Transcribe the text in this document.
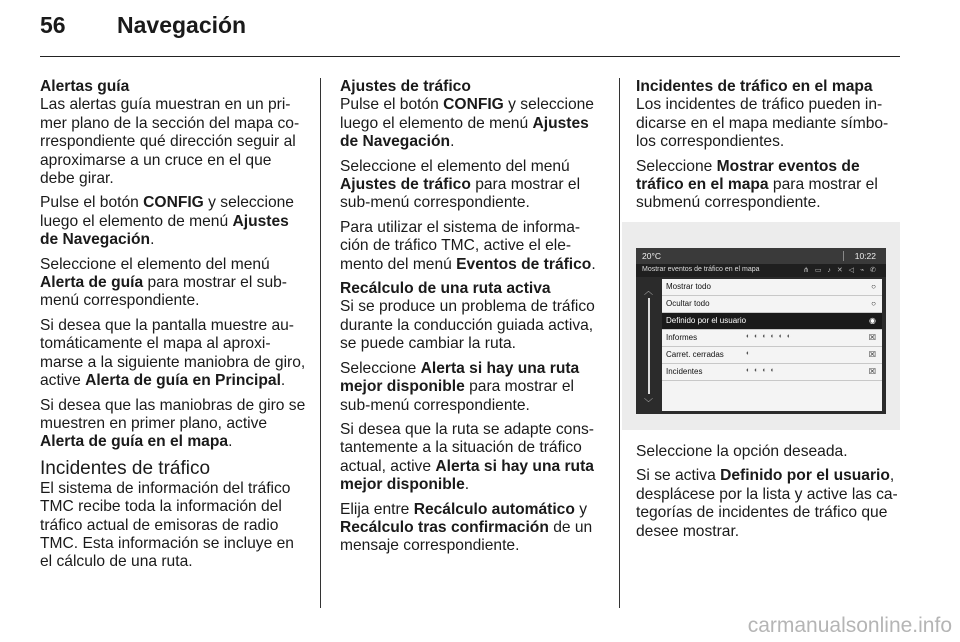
56 Navegación
Alertas guía

Las alertas guía muestran en un pri-mer plano de la sección del mapa co-rrespondiente qué dirección seguir al aproximarse a un cruce en el que debe girar.

Pulse el botón CONFIG y seleccione luego el elemento de menú Ajustes de Navegación.

Seleccione el elemento del menú Alerta de guía para mostrar el sub-menú correspondiente.

Si desea que la pantalla muestre au-tomáticamente el mapa al aproxi-marse a la siguiente maniobra de giro, active Alerta de guía en Principal.

Si desea que las maniobras de giro se muestren en primer plano, active Alerta de guía en el mapa.

Incidentes de tráfico

El sistema de información del tráfico TMC recibe toda la información del tráfico actual de emisoras de radio TMC. Esta información se incluye en el cálculo de una ruta.

Ajustes de tráfico

Pulse el botón CONFIG y seleccione luego el elemento de menú Ajustes de Navegación.

Seleccione el elemento del menú Ajustes de tráfico para mostrar el sub-menú correspondiente.

Para utilizar el sistema de informa-ción de tráfico TMC, active el ele-mento del menú Eventos de tráfico.

Recálculo de una ruta activa

Si se produce un problema de tráfico durante la conducción guiada activa, se puede cambiar la ruta.

Seleccione Alerta si hay una ruta mejor disponible para mostrar el sub-menú correspondiente.

Si desea que la ruta se adapte cons-tantemente a la situación de tráfico actual, active Alerta si hay una ruta mejor disponible.

Elija entre Recálculo automático y Recálculo tras confirmación de un mensaje correspondiente.

Incidentes de tráfico en el mapa

Los incidentes de tráfico pueden in-dicarse en el mapa mediante símbo-los correspondientes.

Seleccione Mostrar eventos de tráfico en el mapa para mostrar el submenú correspondiente.

20°C	10:22
Mostrar eventos de tráfico en el mapa	⋔ ▭ ♪ ✕ ◁ ⌁ ✆
︿
﹀
Mostrar todo	○
Ocultar todo	○
Definido por el usuario	◉
Informes	◐ ◐ ◐ ◐ ◐ ◐	☒
Carret. cerradas	◐	☒
Incidentes	◐ ◐ ◐ ◐	☒

Seleccione la opción deseada.

Si se activa Definido por el usuario, desplácese por la lista y active las ca-tegorías de incidentes de tráfico que desee mostrar.

carmanualsonline.info
